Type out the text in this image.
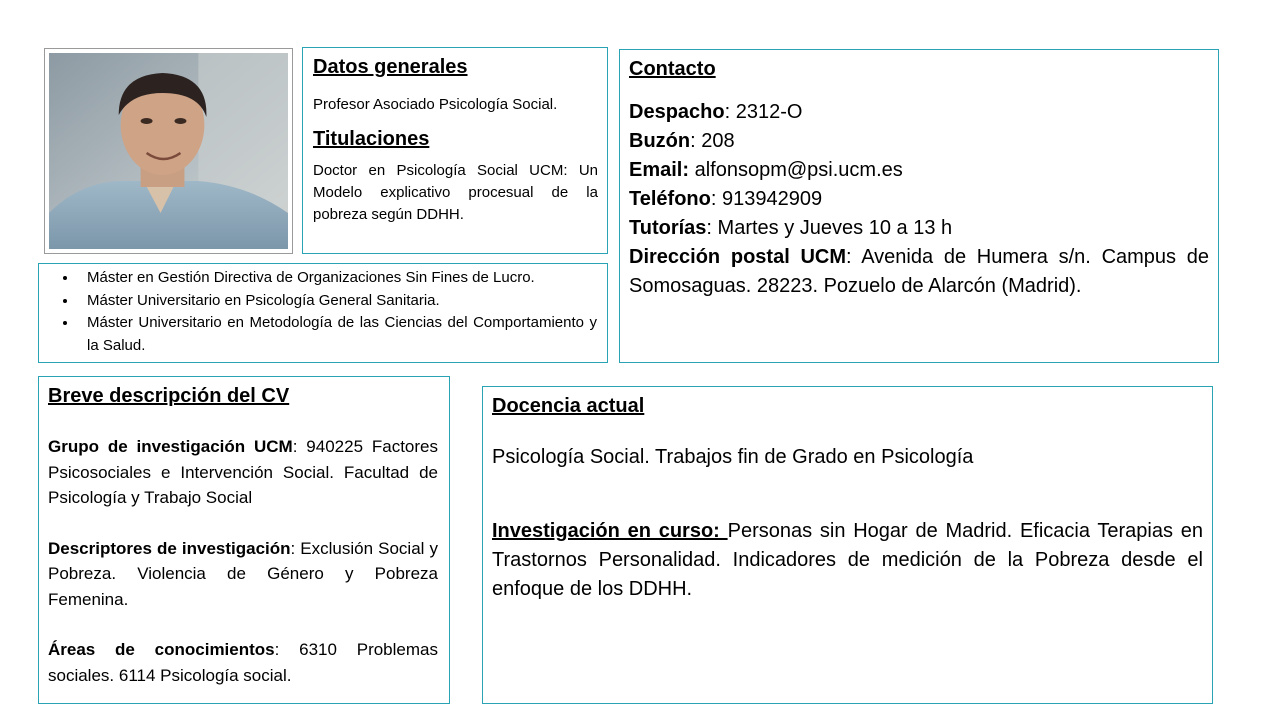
Datos generales

Profesor Asociado Psicología Social.

Titulaciones

Doctor en Psicología Social UCM: Un Modelo explicativo procesual de la pobreza según DDHH.

• Máster en Gestión Directiva de Organizaciones Sin Fines de Lucro.
• Máster Universitario en Psicología General Sanitaria.
• Máster Universitario en Metodología de las Ciencias del Comportamiento y la Salud.
Contacto
Despacho: 2312-O
Buzón: 208
Email: alfonsopm@psi.ucm.es
Teléfono: 913942909
Tutorías: Martes y Jueves 10 a 13 h
Dirección postal UCM: Avenida de Humera s/n. Campus de Somosaguas. 28223. Pozuelo de Alarcón (Madrid).
Breve descripción del CV

Grupo de investigación UCM: 940225 Factores Psicosociales e Intervención Social. Facultad de Psicología y Trabajo Social

Descriptores de investigación: Exclusión Social y Pobreza. Violencia de Género y Pobreza Femenina.

Áreas de conocimientos: 6310 Problemas sociales. 6114 Psicología social.

Docencia actual

Psicología Social. Trabajos fin de Grado en Psicología

Investigación en curso: Personas sin Hogar de Madrid. Eficacia Terapias en Trastornos Personalidad. Indicadores de medición de la Pobreza desde el enfoque de los DDHH.
